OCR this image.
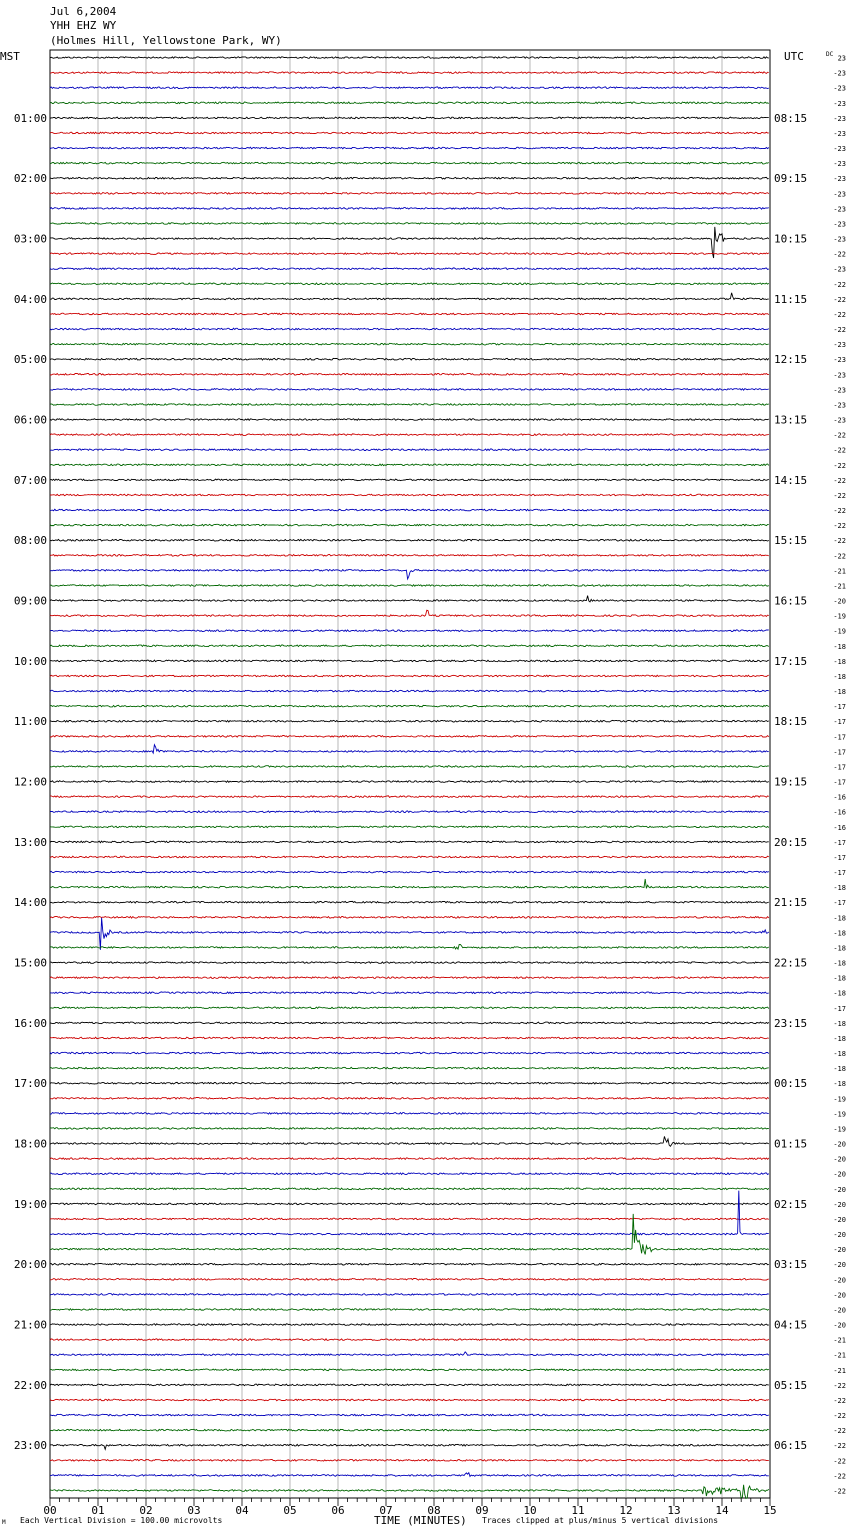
Jul 6,2004
YHH EHZ WY
(Holmes Hill, Yellowstone Park, WY)
MST	UTC
01:00
02:00
03:00
04:00
05:00
06:00
07:00
08:00
09:00
10:00
11:00
12:00
13:00
14:00
15:00
16:00
17:00
18:00
19:00
20:00
21:00
22:00
23:00
08:15
09:15
10:15
11:15
12:15
13:15
14:15
15:15
16:15
17:15
18:15
19:15
20:15
21:15
22:15
23:15
00:15
01:15
02:15
03:15
04:15
05:15
06:15
DC
23
-23
-23
-23
-23
-23
-23
-23
-23
-23
-23
-23
-23
-22
-23
-22
-22
-22
-22
-23
-23
-23
-23
-23
-23
-22
-22
-22
-22
-22
-22
-22
-22
-22
-21
-21
-20
-19
-19
-18
-18
-18
-18
-17
-17
-17
-17
-17
-17
-16
-16
-16
-17
-17
-17
-18
-17
-18
-18
-18
-18
-18
-18
-17
-18
-18
-18
-18
-18
-19
-19
-19
-20
-20
-20
-20
-20
-20
-20
-20
-20
-20
-20
-20
-20
-21
-21
-21
-22
-22
-22
-22
-22
-22
-22
-22
00	01	02	03	04	05	06	07	08	09	10	11	12	13	14	15
M Each Vertical Division = 100.00 microvolts	TIME (MINUTES) Traces clipped at plus/minus 5 vertical divisions
